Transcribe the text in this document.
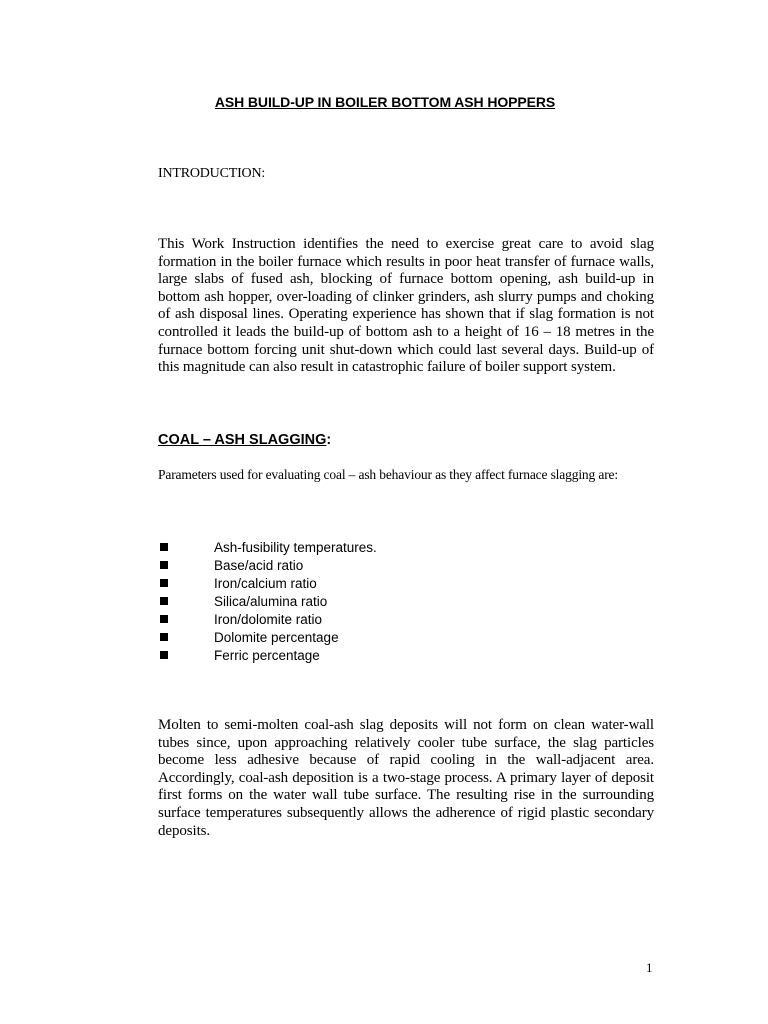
ASH BUILD-UP IN BOILER BOTTOM ASH HOPPERS
INTRODUCTION:
This Work Instruction identifies the need to exercise great care to avoid slag formation in the boiler furnace which results in poor heat transfer of furnace walls, large slabs of fused ash, blocking of furnace bottom opening, ash build-up in bottom ash hopper, over-loading of clinker grinders, ash slurry pumps and choking of ash disposal lines. Operating experience has shown that if slag formation is not controlled it leads the build-up of bottom ash to a height of 16 – 18 metres in the furnace bottom forcing unit shut-down which could last several days. Build-up of this magnitude can also result in catastrophic failure of boiler support system.
COAL – ASH SLAGGING:
Parameters used for evaluating coal – ash behaviour as they affect furnace slagging are:
Ash-fusibility temperatures.
Base/acid ratio
Iron/calcium ratio
Silica/alumina ratio
Iron/dolomite ratio
Dolomite percentage
Ferric percentage
Molten to semi-molten coal-ash slag deposits will not form on clean water-wall tubes since, upon approaching relatively cooler tube surface, the slag particles become less adhesive because of rapid cooling in the wall-adjacent area. Accordingly, coal-ash deposition is a two-stage process. A primary layer of deposit first forms on the water wall tube surface. The resulting rise in the surrounding surface temperatures subsequently allows the adherence of rigid plastic secondary deposits.
1
